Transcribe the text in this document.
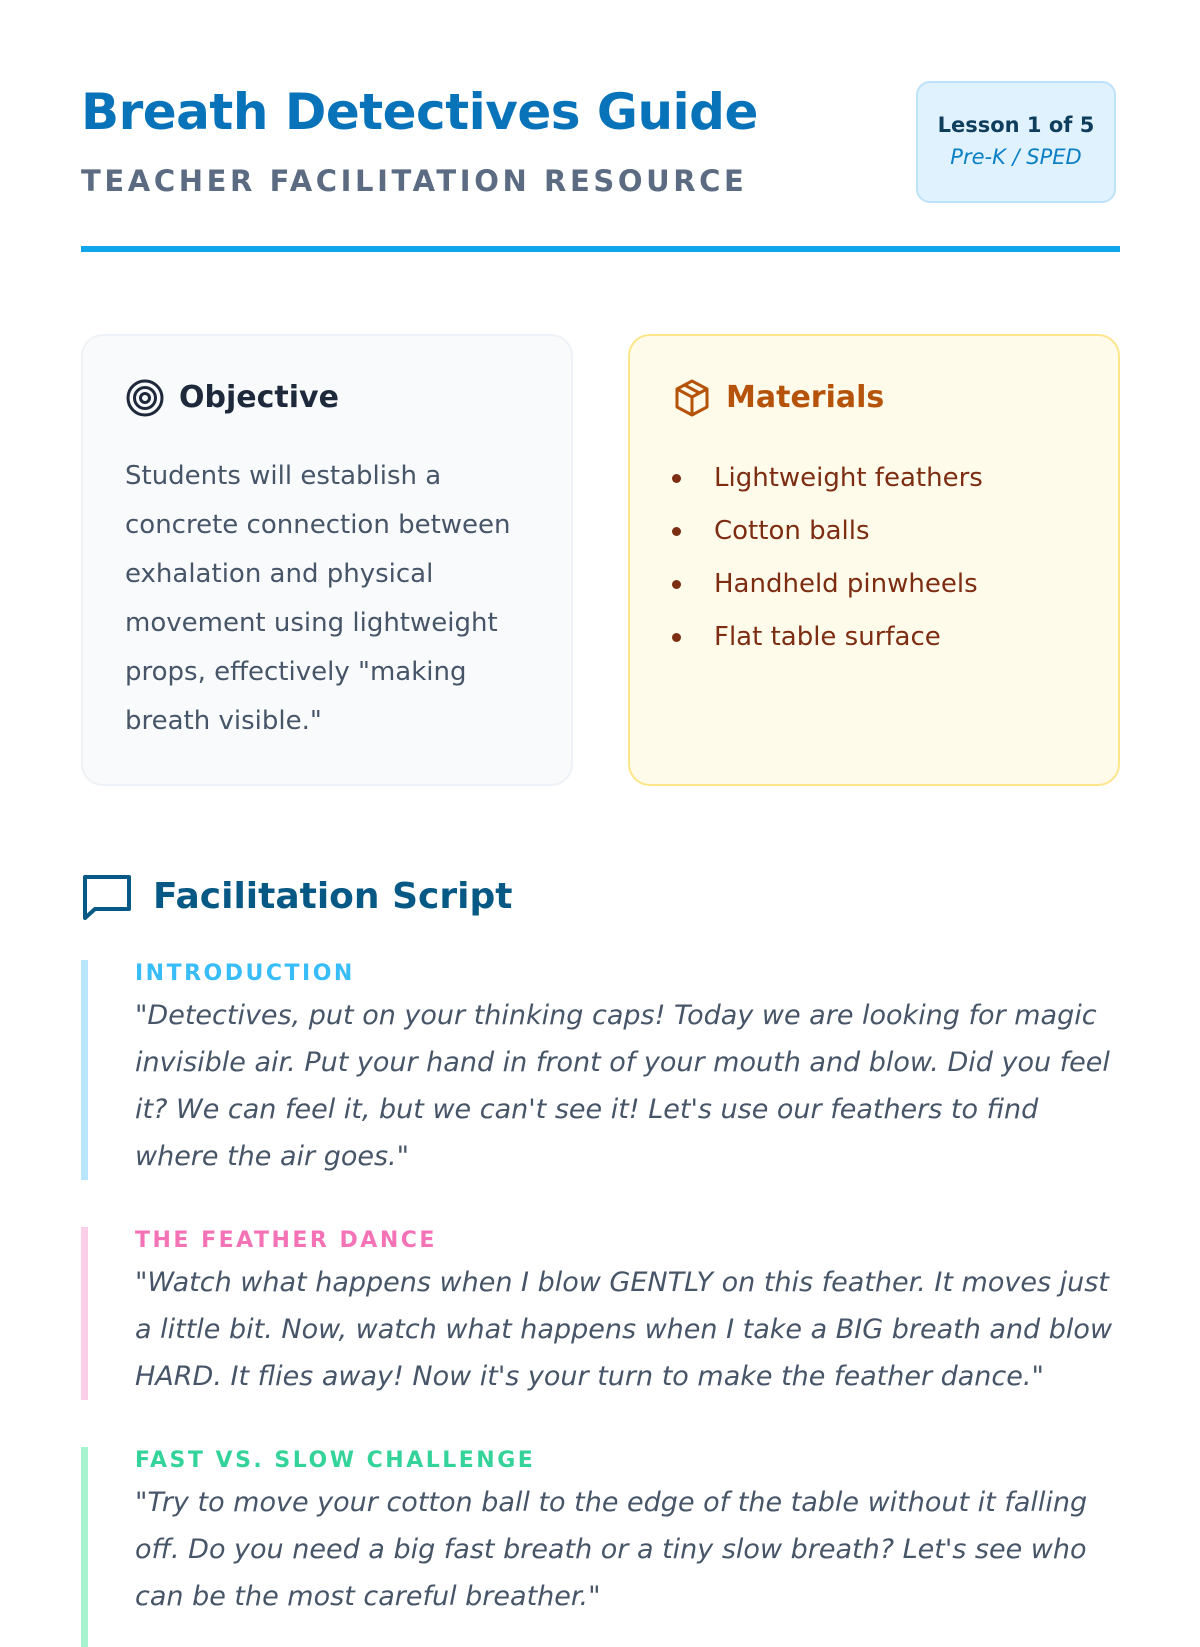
Breath Detectives Guide

TEACHER FACILITATION RESOURCE

Lesson 1 of 5
Pre-K / SPED
Objective

Students will establish a concrete connection between exhalation and physical movement using lightweight props, effectively "making breath visible."

Materials
Lightweight feathers
Cotton balls
Handheld pinwheels
Flat table surface
Facilitation Script
INTRODUCTION

"Detectives, put on your thinking caps! Today we are looking for magic invisible air. Put your hand in front of your mouth and blow. Did you feel it? We can feel it, but we can't see it! Let's use our feathers to find where the air goes."

THE FEATHER DANCE

"Watch what happens when I blow GENTLY on this feather. It moves just a little bit. Now, watch what happens when I take a BIG breath and blow HARD. It flies away! Now it's your turn to make the feather dance."

FAST VS. SLOW CHALLENGE

"Try to move your cotton ball to the edge of the table without it falling off. Do you need a big fast breath or a tiny slow breath? Let's see who can be the most careful breather."
